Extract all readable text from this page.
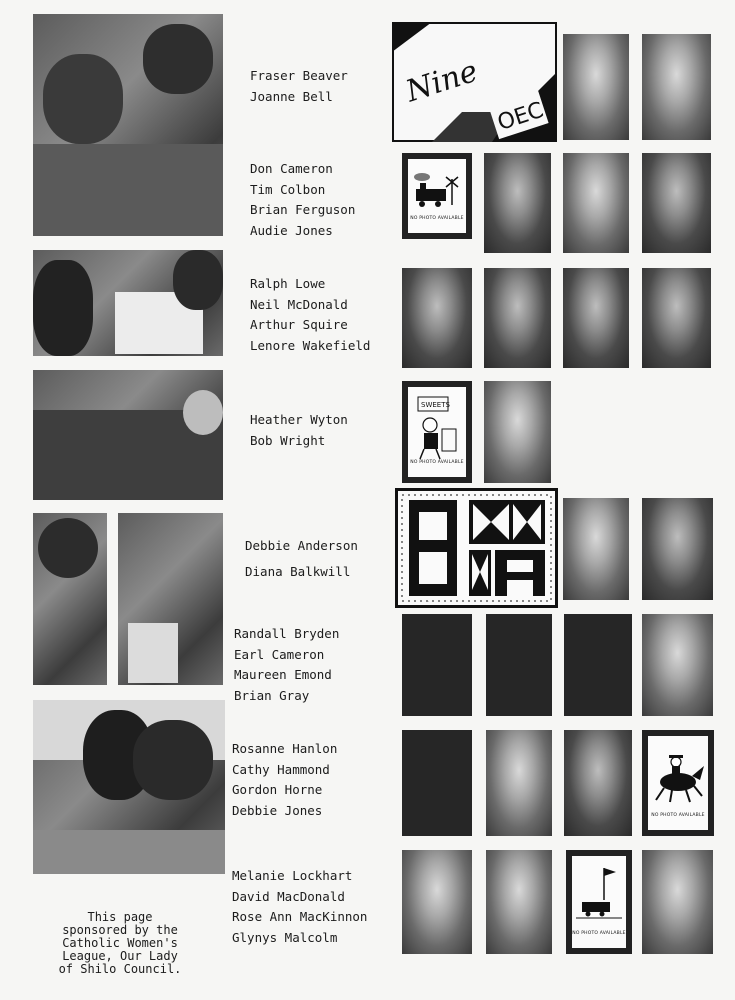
This page
sponsored by the
Catholic Women's
League, Our Lady
of Shilo Council.
Fraser Beaver
Joanne Bell
Don Cameron
Tim Colbon
Brian Ferguson
Audie Jones
Ralph Lowe
Neil McDonald
Arthur Squire
Lenore Wakefield
Heather Wyton
Bob Wright
Debbie Anderson
Diana Balkwill
Randall Bryden
Earl Cameron
Maureen Emond
Brian Gray
Rosanne Hanlon
Cathy Hammond
Gordon Horne
Debbie Jones
Melanie Lockhart
David MacDonald
Rose Ann MacKinnon
Glynys Malcolm
Nine
OEC
NO PHOTO AVAILABLE
SWEETS
NO PHOTO AVAILABLE
8	A
NO PHOTO AVAILABLE
NO PHOTO AVAILABLE
